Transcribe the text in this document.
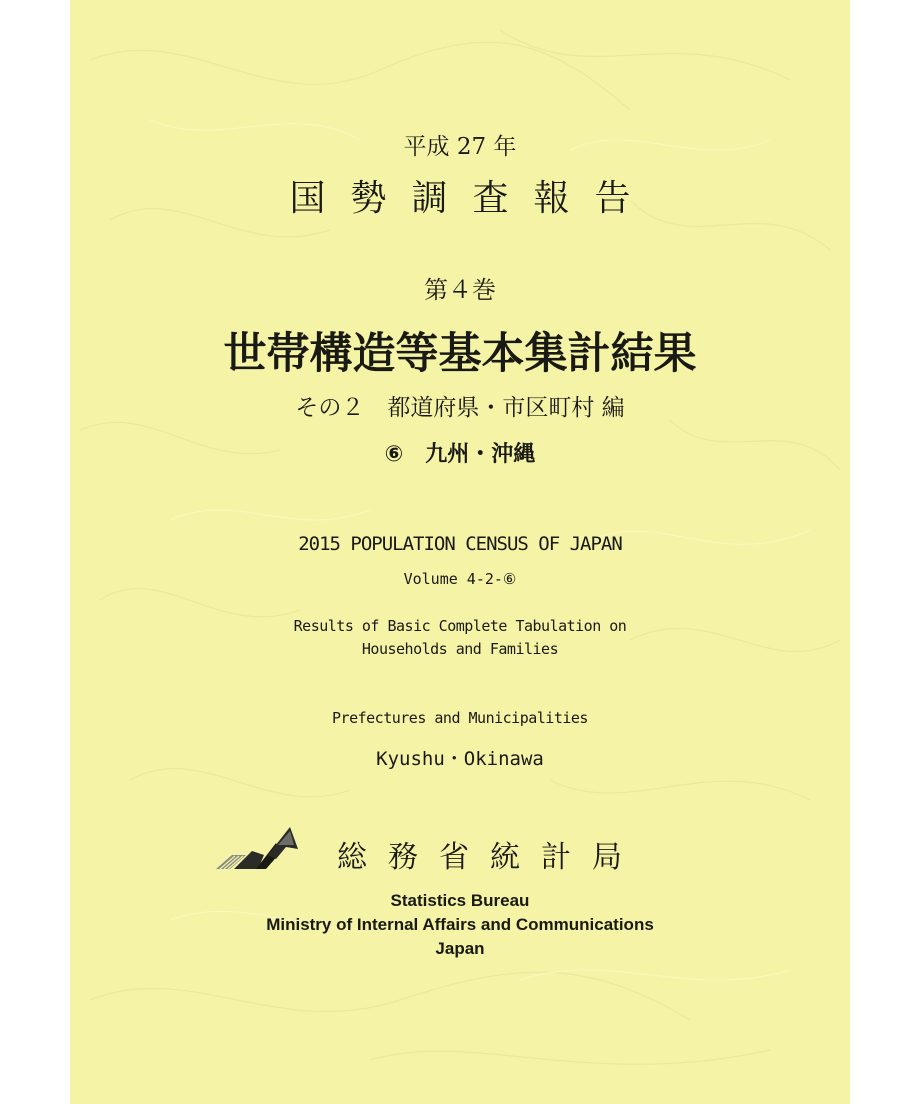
平成 27 年
国勢調査報告
第４巻
世帯構造等基本集計結果
その２　都道府県・市区町村 編
⑥　九州・沖縄
2015 POPULATION CENSUS OF JAPAN
Volume 4-2-⑥
Results of Basic Complete Tabulation on
Households and Families
Prefectures and Municipalities
Kyushu・Okinawa
総務省統計局
Statistics Bureau
Ministry of Internal Affairs and Communications
Japan
